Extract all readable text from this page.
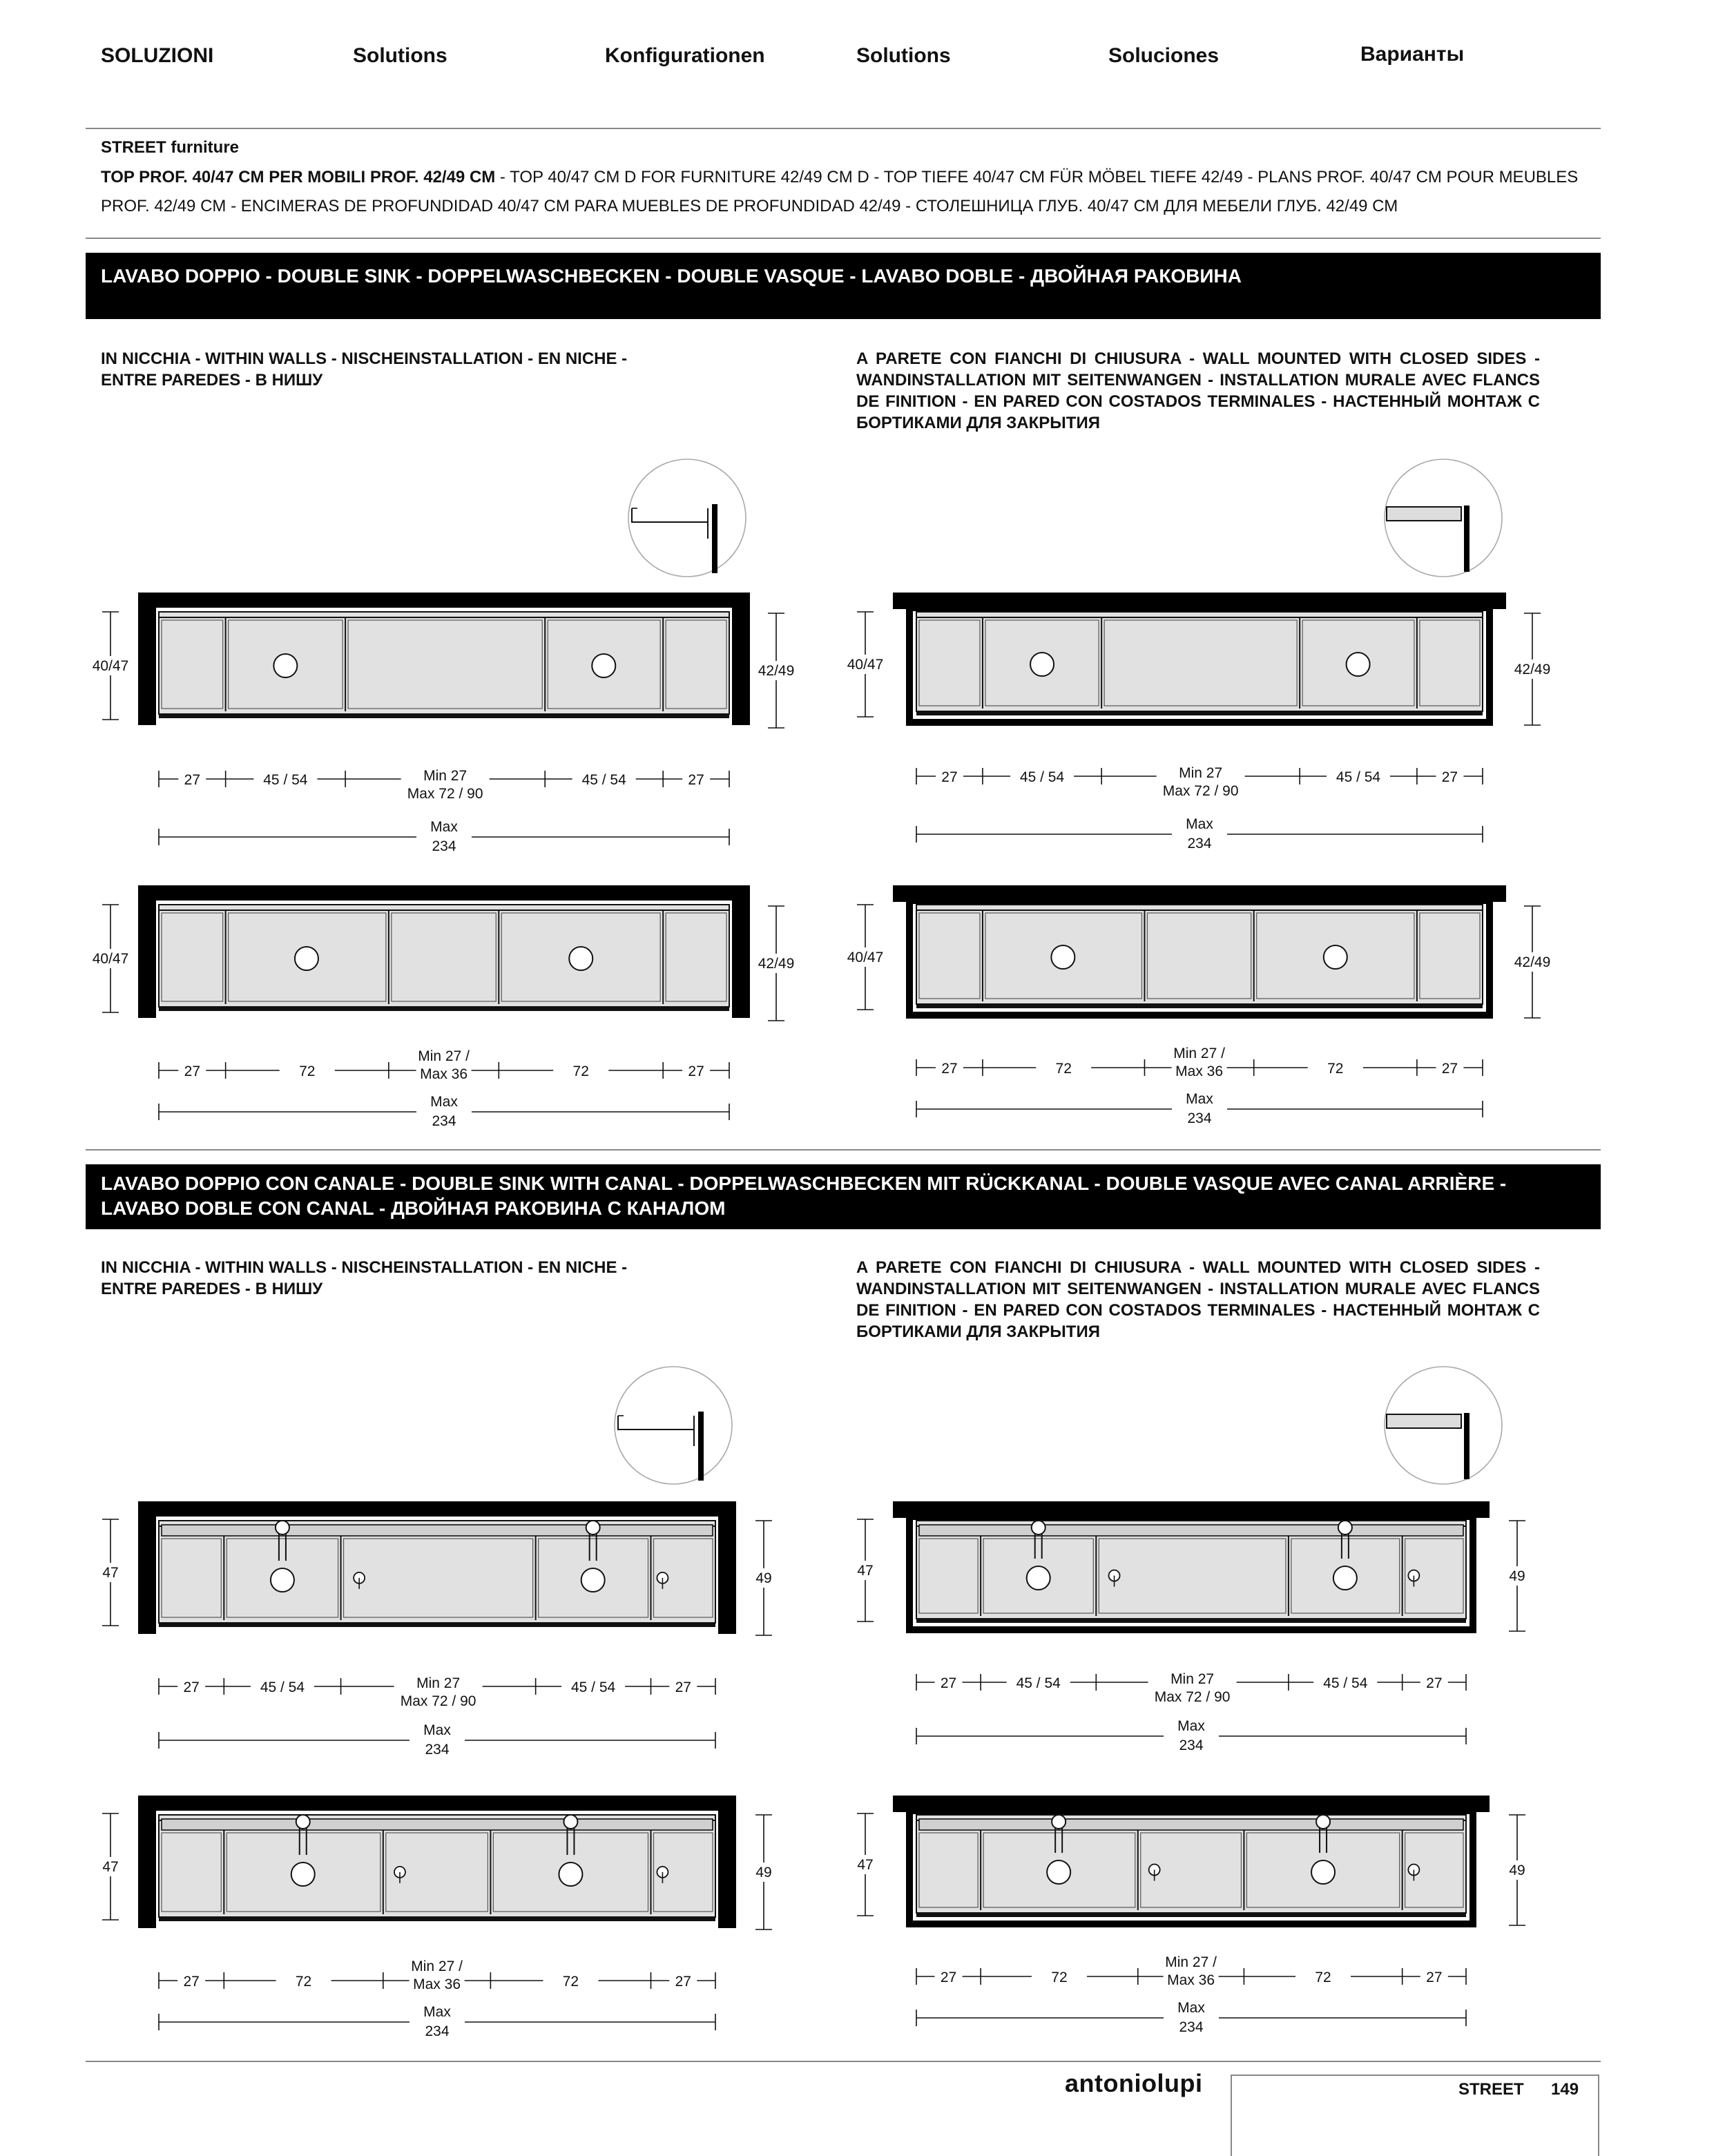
SOLUZIONI	Solutions	Konfigurationen	Solutions	Soluciones	Варианты
STREET furniture
TOP PROF. 40/47 CM PER MOBILI PROF. 42/49 CM - TOP 40/47 CM D FOR FURNITURE 42/49 CM D - TOP TIEFE 40/47 CM FÜR MÖBEL TIEFE 42/49 - PLANS PROF. 40/47 CM POUR MEUBLES PROF. 42/49 CM - ENCIMERAS DE PROFUNDIDAD 40/47 CM PARA MUEBLES DE PROFUNDIDAD 42/49 - СТОЛЕШНИЦА ГЛУБ. 40/47 СМ ДЛЯ МЕБЕЛИ ГЛУБ. 42/49 СМ
LAVABO DOPPIO - DOUBLE SINK - DOPPELWASCHBECKEN - DOUBLE VASQUE - LAVABO DOBLE - ДВОЙНАЯ РАКОВИНА
IN NICCHIA - WITHIN WALLS - NISCHEINSTALLATION - EN NICHE - ENTRE PAREDES - В НИШУ
A PARETE CON FIANCHI DI CHIUSURA - WALL MOUNTED WITH CLOSED SIDES - WANDINSTALLATION MIT SEITENWANGEN - INSTALLATION MURALE AVEC FLANCS DE FINITION - EN PARED CON COSTADOS TERMINALES - НАСТЕННЫЙ МОНТАЖ С БОРТИКАМИ ДЛЯ ЗАКРЫТИЯ
LAVABO DOPPIO CON CANALE - DOUBLE SINK WITH CANAL - DOPPELWASCHBECKEN MIT RÜCKKANAL - DOUBLE VASQUE AVEC CANAL ARRIÈRE -
LAVABO DOBLE CON CANAL - ДВОЙНАЯ РАКОВИНА С КАНАЛОМ
IN NICCHIA - WITHIN WALLS - NISCHEINSTALLATION - EN NICHE - ENTRE PAREDES - В НИШУ
A PARETE CON FIANCHI DI CHIUSURA - WALL MOUNTED WITH CLOSED SIDES - WANDINSTALLATION MIT SEITENWANGEN - INSTALLATION MURALE AVEC FLANCS DE FINITION - EN PARED CON COSTADOS TERMINALES - НАСТЕННЫЙ МОНТАЖ С БОРТИКАМИ ДЛЯ ЗАКРЫТИЯ
40/47	42/49
27	45 / 54	Min 27
Max 72 / 90
45 / 54	27
Max
234
40/47	42/49
27	72
Min 27 /
Max 36	72	27
Max
234
40/47	42/49
27	45 / 54	Min 27
Max 72 / 90
45 / 54	27
Max
234
40/47	42/49
27	72
Min 27 /
Max 36	72	27
Max
234
47	49
27	45 / 54	Min 27
Max 72 / 90
45 / 54	27
Max
234
47	49
27	72
Min 27 /
Max 36	72	27
Max
234
47	49
27	45 / 54	Min 27
Max 72 / 90
45 / 54	27
Max
234
47	49
27	72
Min 27 /
Max 36	72	27
Max
234
antoniolupi	STREET 149
